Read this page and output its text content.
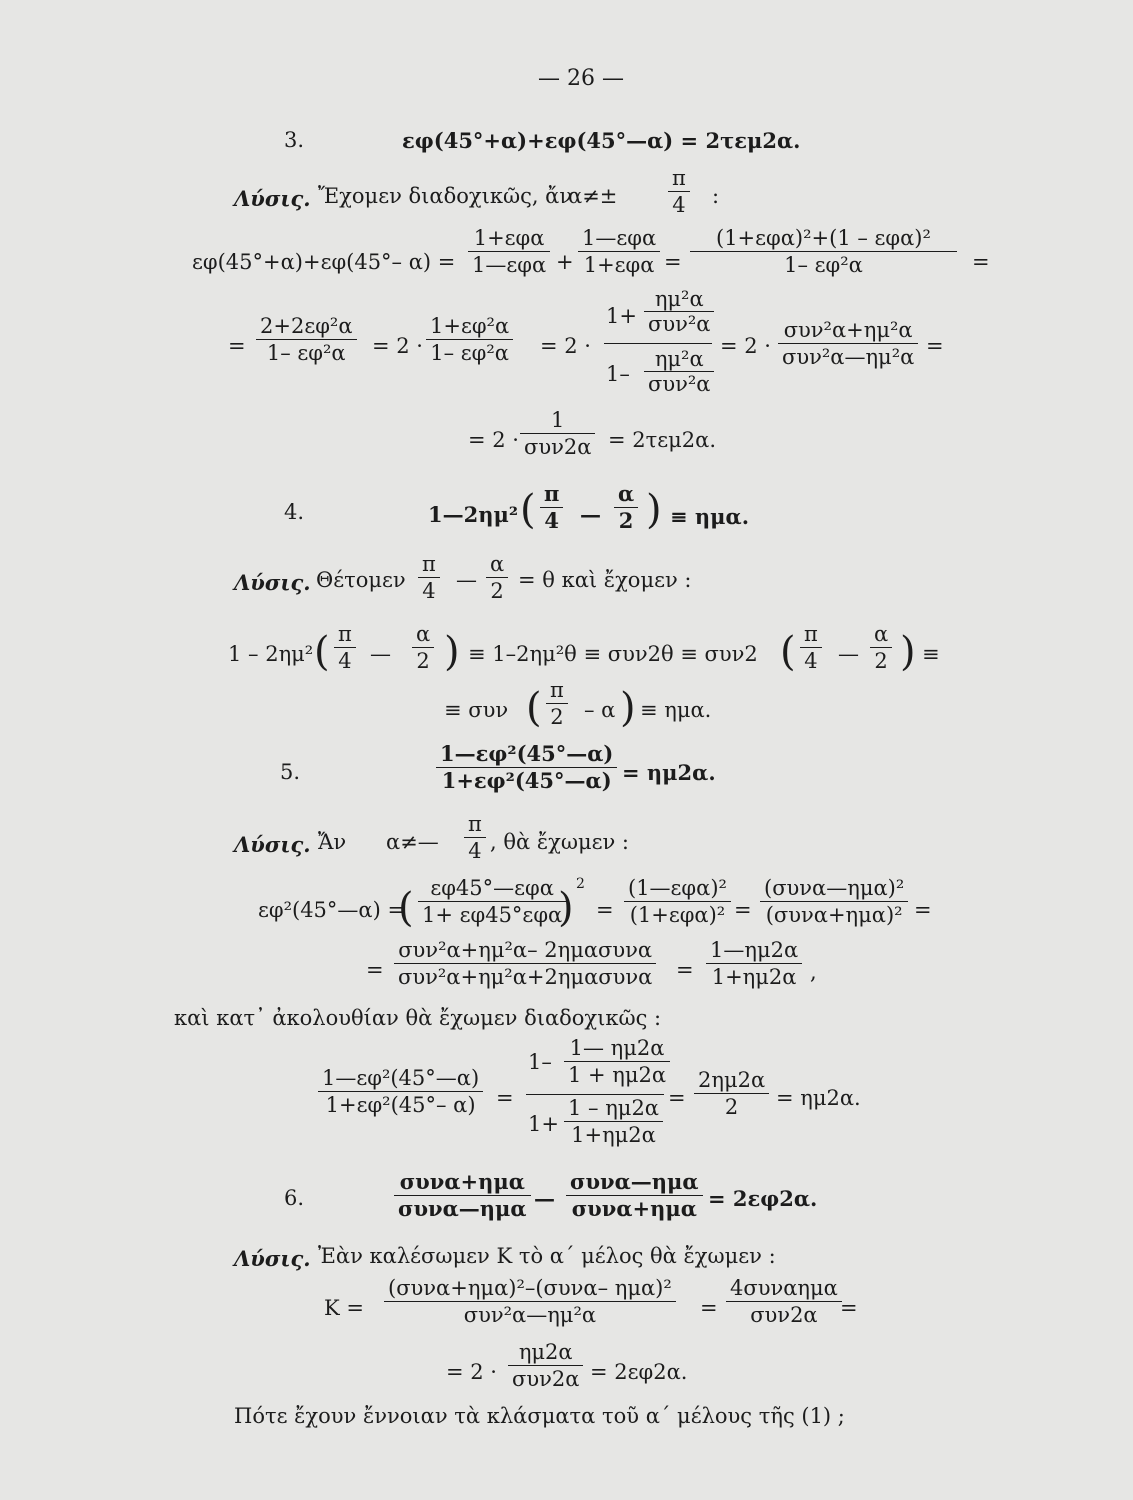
— 26 —
3.	εφ(45°+α)+εφ(45°—α) = 2τεμ2α.
Λύσις. Ἔχομεν διαδοχικῶς, ἄν
$\alpha\ne\pm \frac{\pi}{4}$ :
εφ(45°+α)+εφ(45°– α) =
1+εφα
1—εφα +
1—εφα
1+εφα =
(1+εφα)²+(1 – εφα)²
1– εφ²α	=
= $\frac{\text{2+2εφ²α}}{\text{1– εφ²α}} = 2 \cdot \frac{\text{1+εφ²α}}{\text{1– εφ²α}} = 2$ ·
1+
ημ²α
συν²α
1–
ημ²α
συν²α
= 2 ·
συν²α+ημ²α
συν²α—ημ²α =
= 2 ·
1
συν2α = 2τεμ2α.
4.	1—2ημ² ( $\frac{\pi}{4}$ — $\frac{\alpha}{2}$ ) ≡ ημα.
Λύσις. Θέτομεν $\frac{\pi}{4}$ — $\frac{\alpha}{2} = \theta$ καὶ ἔχομεν :
1 – 2ημ² ( $\frac{\pi}{4}$ — $\frac{\alpha}{2}$ ) ≡ 1–2ημ²θ ≡ συν2θ ≡ συν2 ( $\frac{\pi}{4}$ — $\frac{\alpha}{2}$ ) ≡
≡ συν ( $\frac{\pi}{2}$ – α ) ≡ ημα.
5.	$\frac{\text{1—εφ²(45°—α)}}{\text{1+εφ²(45°—α)}} = \eta\mu 2\alpha$.
Λύσις. Ἄν α≠— $\frac{\pi}{4}$ , θὰ ἔχωμεν :
εφ²(45°—α) =
( εφ45°—εφα
1+ εφ45°εφα
)
2
=
(1—εφα)²
(1+εφα)² =
(συνα—ημα)²
(συνα+ημα)² =
=
συν²α+ημ²α– 2ημασυνα
$\sigma\upsilon\nu^2\alpha+\eta\mu^2\alpha+2\eta\mu\alpha\sigma\upsilon\nu\alpha = \frac{1—\eta\mu 2\alpha}{1+\eta\mu 2\alpha}$ ,
καὶ κατ᾽ ἀκολουθίαν θὰ ἔχωμεν διαδοχικῶς :
$\frac{\text{1—εφ²(45°—α)}}{\text{1+εφ²(45°– α)}}$ =
$1- \frac{1— \eta\mu 2\alpha}{1 + \eta\mu 2\alpha}$
$1+ \frac{1 - \eta\mu 2\alpha}{1+\eta\mu 2\alpha} = \frac{2\eta\mu 2\alpha}{2} = \eta\mu 2\alpha$.
6.
συνα+ημα
συνα—ημα —
συνα—ημα
συνα+ημα = 2εφ2α.
Λύσις. Ἐὰν καλέσωμεν Κ τὸ α΄ μέλος θὰ ἔχωμεν :
Κ =
(συνα+ημα)²–(συνα– ημα)²
συν²α—ημ²α	=
4συναημα
συν2α	=
= 2 ·
ημ2α
συν2α = 2εφ2α.
Πότε ἔχουν ἔννοιαν τὰ κλάσματα τοῦ α΄ μέλους τῆς (1) ;
